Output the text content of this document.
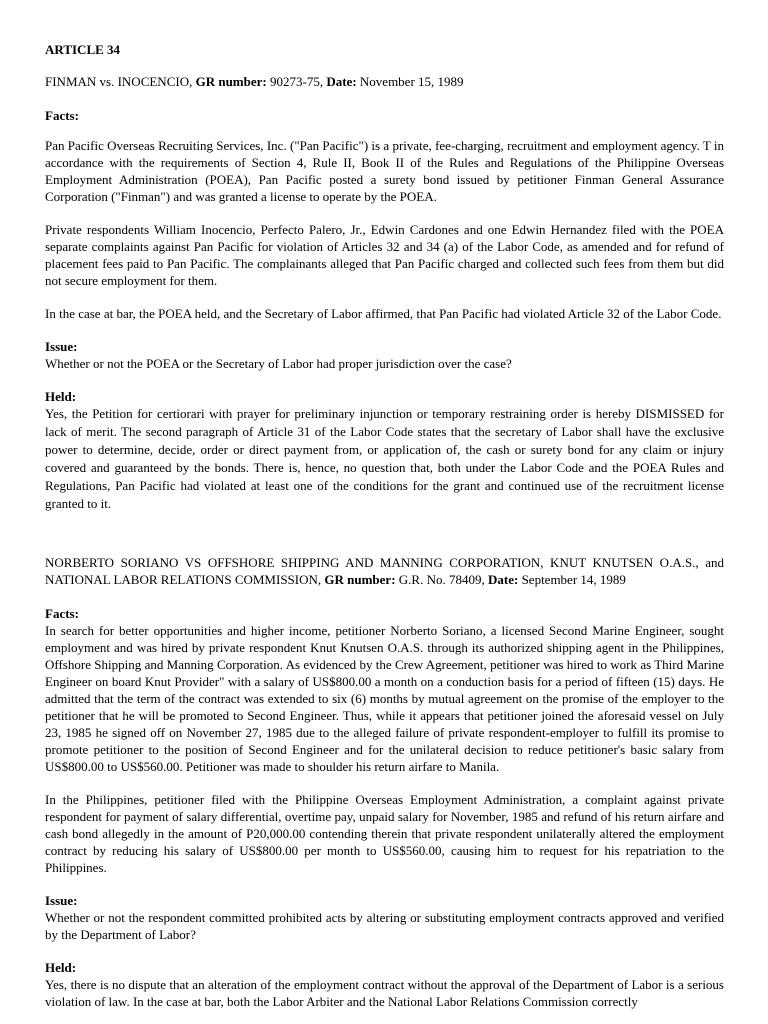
ARTICLE 34
FINMAN vs. INOCENCIO, GR number: 90273-75, Date: November 15, 1989
Facts:

Pan Pacific Overseas Recruiting Services, Inc. ("Pan Pacific") is a private, fee-charging, recruitment and employment agency. T in accordance with the requirements of Section 4, Rule II, Book II of the Rules and Regulations of the Philippine Overseas Employment Administration (POEA), Pan Pacific posted a surety bond issued by petitioner Finman General Assurance Corporation ("Finman") and was granted a license to operate by the POEA.

Private respondents William Inocencio, Perfecto Palero, Jr., Edwin Cardones and one Edwin Hernandez filed with the POEA separate complaints against Pan Pacific for violation of Articles 32 and 34 (a) of the Labor Code, as amended and for refund of placement fees paid to Pan Pacific. The complainants alleged that Pan Pacific charged and collected such fees from them but did not secure employment for them.

In the case at bar, the POEA held, and the Secretary of Labor affirmed, that Pan Pacific had violated Article 32 of the Labor Code.

Issue:

Whether or not the POEA or the Secretary of Labor had proper jurisdiction over the case?

Held:

Yes, the Petition for certiorari with prayer for preliminary injunction or temporary restraining order is hereby DISMISSED for lack of merit. The second paragraph of Article 31 of the Labor Code states that the secretary of Labor shall have the exclusive power to determine, decide, order or direct payment from, or application of, the cash or surety bond for any claim or injury covered and guaranteed by the bonds. There is, hence, no question that, both under the Labor Code and the POEA Rules and Regulations, Pan Pacific had violated at least one of the conditions for the grant and continued use of the recruitment license granted to it.

NORBERTO SORIANO VS OFFSHORE SHIPPING AND MANNING CORPORATION, KNUT KNUTSEN O.A.S., and NATIONAL LABOR RELATIONS COMMISSION, GR number: G.R. No. 78409, Date: September 14, 1989
Facts:

In search for better opportunities and higher income, petitioner Norberto Soriano, a licensed Second Marine Engineer, sought employment and was hired by private respondent Knut Knutsen O.A.S. through its authorized shipping agent in the Philippines, Offshore Shipping and Manning Corporation. As evidenced by the Crew Agreement, petitioner was hired to work as Third Marine Engineer on board Knut Provider" with a salary of US$800.00 a month on a conduction basis for a period of fifteen (15) days. He admitted that the term of the contract was extended to six (6) months by mutual agreement on the promise of the employer to the petitioner that he will be promoted to Second Engineer. Thus, while it appears that petitioner joined the aforesaid vessel on July 23, 1985 he signed off on November 27, 1985 due to the alleged failure of private respondent-employer to fulfill its promise to promote petitioner to the position of Second Engineer and for the unilateral decision to reduce petitioner's basic salary from US$800.00 to US$560.00. Petitioner was made to shoulder his return airfare to Manila.

In the Philippines, petitioner filed with the Philippine Overseas Employment Administration, a complaint against private respondent for payment of salary differential, overtime pay, unpaid salary for November, 1985 and refund of his return airfare and cash bond allegedly in the amount of P20,000.00 contending therein that private respondent unilaterally altered the employment contract by reducing his salary of US$800.00 per month to US$560.00, causing him to request for his repatriation to the Philippines.

Issue:

Whether or not the respondent committed prohibited acts by altering or substituting employment contracts approved and verified by the Department of Labor?

Held:

Yes, there is no dispute that an alteration of the employment contract without the approval of the Department of Labor is a serious violation of law. In the case at bar, both the Labor Arbiter and the National Labor Relations Commission correctly
